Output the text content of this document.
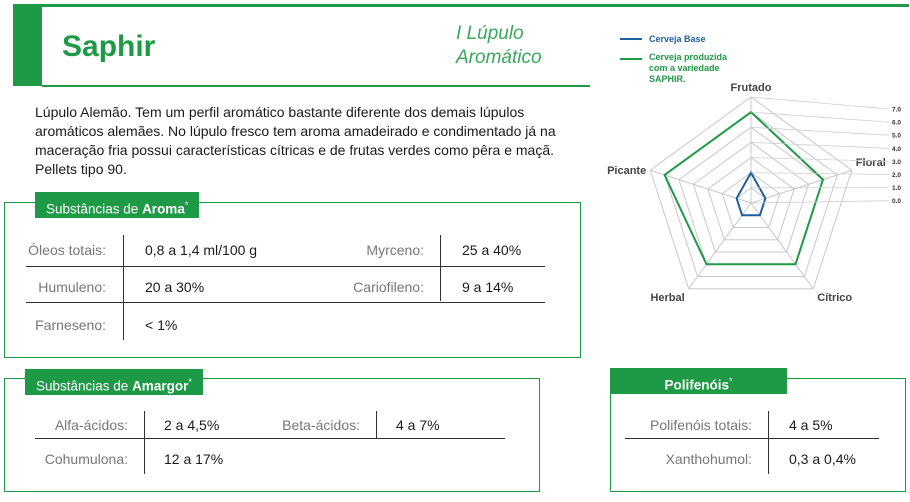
Saphir	I Lúpulo
Aromático
Lúpulo Alemão. Tem um perfil aromático bastante diferente dos demais lúpulos aromáticos alemães. No lúpulo fresco tem aroma amadeirado e condimentado já na maceração fria possui características cítricas e de frutas verdes como pêra e maçã. Pellets tipo 90.
Substâncias de Aroma*
Óleos totais:	0,8 a 1,4 ml/100 g	Myrceno:	25 a 40%
Humuleno:	20 a 30%	Cariofileno:	9 a 14%
Farneseno:	< 1%
Substâncias de Amargor*
Alfa-ácidos:	2 a 4,5%	Beta-ácidos:	4 a 7%
Cohumulona:	12 a 17%
Polifenóis*
Polifenóis totais:	4 a 5%
Xanthohumol:	0,3 a 0,4%
Cerveja Base
Cerveja produzida
com a variedade
SAPHIR.
Frutado
Floral
Cítrico
Herbal
Picante
0.0
1.0
2.0
3.0
4.0
5.0
6.0
7.0
